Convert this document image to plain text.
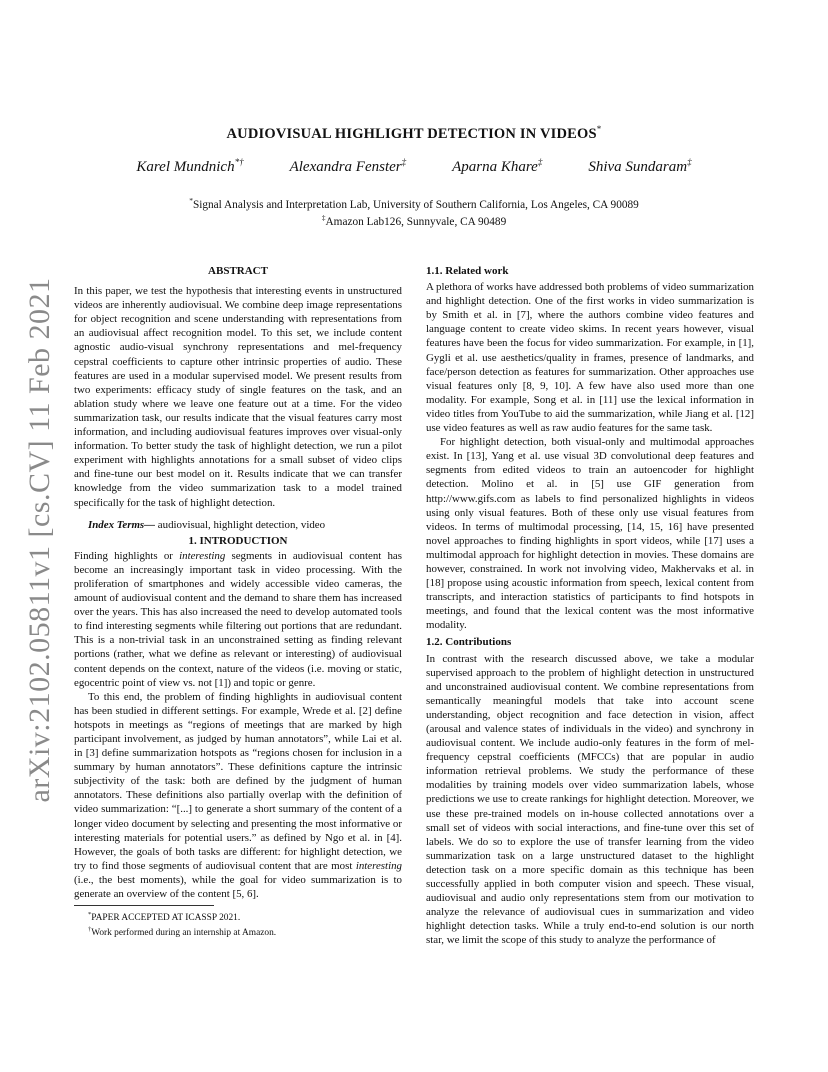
arXiv:2102.05811v1 [cs.CV] 11 Feb 2021
AUDIOVISUAL HIGHLIGHT DETECTION IN VIDEOS*
Karel Mundnich*†	Alexandra Fenster‡	Aparna Khare‡	Shiva Sundaram‡
*Signal Analysis and Interpretation Lab, University of Southern California, Los Angeles, CA 90089
‡Amazon Lab126, Sunnyvale, CA 90489
ABSTRACT

In this paper, we test the hypothesis that interesting events in unstructured videos are inherently audiovisual. We combine deep image representations for object recognition and scene understanding with representations from an audiovisual affect recognition model. To this set, we include content agnostic audio-visual synchrony representations and mel-frequency cepstral coefficients to capture other intrinsic properties of audio. These features are used in a modular supervised model. We present results from two experiments: efficacy study of single features on the task, and an ablation study where we leave one feature out at a time. For the video summarization task, our results indicate that the visual features carry most information, and including audiovisual features improves over visual-only information. To better study the task of highlight detection, we run a pilot experiment with highlights annotations for a small subset of video clips and fine-tune our best model on it. Results indicate that we can transfer knowledge from the video summarization task to a model trained specifically for the task of highlight detection.

Index Terms— audiovisual, highlight detection, video

1. INTRODUCTION

Finding highlights or interesting segments in audiovisual content has become an increasingly important task in video processing. With the proliferation of smartphones and widely accessible video cameras, the amount of audiovisual content and the demand to share them has increased over the years. This has also increased the need to develop automated tools to find interesting segments while filtering out portions that are redundant. This is a non-trivial task in an unconstrained setting as finding relevant portions (rather, what we define as relevant or interesting) of audiovisual content depends on the context, nature of the videos (i.e. moving or static, egocentric point of view vs. not [1]) and topic or genre.

To this end, the problem of finding highlights in audiovisual content has been studied in different settings. For example, Wrede et al. [2] define hotspots in meetings as “regions of meetings that are marked by high participant involvement, as judged by human annotators”, while Lai et al. in [3] define summarization hotspots as “regions chosen for inclusion in a summary by human annotators”. These definitions capture the intrinsic subjectivity of the task: both are defined by the judgment of human annotators. These definitions also partially overlap with the definition of video summarization: “[...] to generate a short summary of the content of a longer video document by selecting and presenting the most informative or interesting materials for potential users.” as defined by Ngo et al. in [4]. However, the goals of both tasks are different: for highlight detection, we try to find those segments of audiovisual content that are most interesting (i.e., the best moments), while the goal for video summarization is to generate an overview of the content [5, 6].

*PAPER ACCEPTED AT ICASSP 2021.
†Work performed during an internship at Amazon.
1.1. Related work

A plethora of works have addressed both problems of video summarization and highlight detection. One of the first works in video summarization is by Smith et al. in [7], where the authors combine video features and language content to create video skims. In recent years however, visual features have been the focus for video summarization. For example, in [1], Gygli et al. use aesthetics/quality in frames, presence of landmarks, and face/person detection as features for summarization. Other approaches use visual features only [8, 9, 10]. A few have also used more than one modality. For example, Song et al. in [11] use the lexical information in video titles from YouTube to aid the summarization, while Jiang et al. [12] use video features as well as raw audio features for the same task.

For highlight detection, both visual-only and multimodal approaches exist. In [13], Yang et al. use visual 3D convolutional deep features and segments from edited videos to train an autoencoder for highlight detection. Molino et al. in [5] use GIF generation from http://www.gifs.com as labels to find personalized highlights in videos using only visual features. Both of these only use visual features from videos. In terms of multimodal processing, [14, 15, 16] have presented novel approaches to finding highlights in sport videos, while [17] uses a multimodal approach for highlight detection in movies. These domains are however, constrained. In work not involving video, Makhervaks et al. in [18] propose using acoustic information from speech, lexical content from transcripts, and interaction statistics of participants to find hotspots in meetings, and found that the lexical content was the most informative modality.

1.2. Contributions

In contrast with the research discussed above, we take a modular supervised approach to the problem of highlight detection in unstructured and unconstrained audiovisual content. We combine representations from semantically meaningful models that take into account scene understanding, object recognition and face detection in vision, affect (arousal and valence states of individuals in the video) and synchrony in audiovisual content. We include audio-only features in the form of mel-frequency cepstral coefficients (MFCCs) that are popular in audio information retrieval problems. We study the performance of these modalities by training models over video summarization labels, whose predictions we use to create rankings for highlight detection. Moreover, we use these pre-trained models on in-house collected annotations over a small set of videos with social interactions, and fine-tune over this set of labels. We do so to explore the use of transfer learning from the video summarization task on a large unstructured dataset to the highlight detection task on a more specific domain as this technique has been successfully applied in both computer vision and speech. These visual, audiovisual and audio only representations stem from our motivation to analyze the relevance of audiovisual cues in summarization and video highlight detection tasks. While a truly end-to-end solution is our north star, we limit the scope of this study to analyze the performance of
